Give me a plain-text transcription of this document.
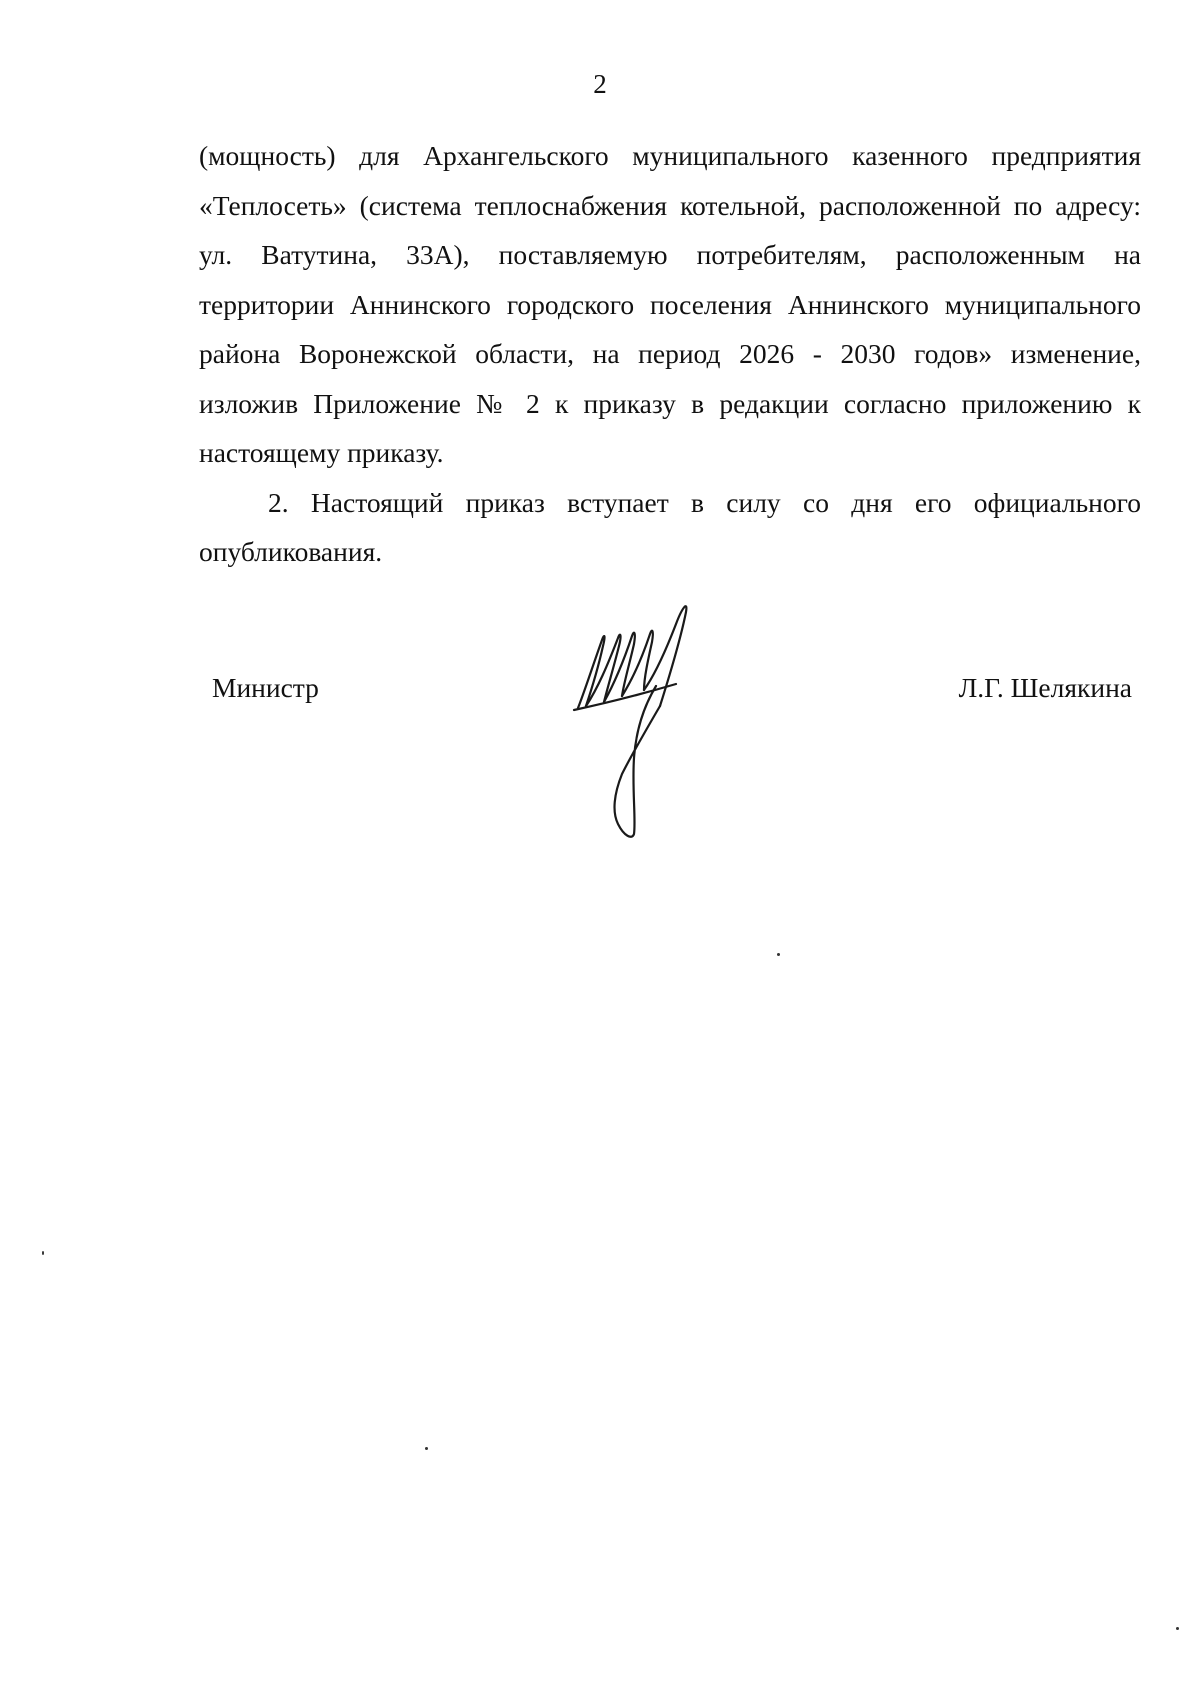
2

(мощность) для Архангельского муниципального казенного предприятия
«Теплосеть» (система теплоснабжения котельной, расположенной по адресу:
ул. Ватутина, 33А), поставляемую потребителям, расположенным на
территории Аннинского городского поселения Аннинского муниципального
района Воронежской области, на период 2026 - 2030 годов» изменение,
изложив Приложение № 2 к приказу в редакции согласно приложению к
настоящему приказу.

2. Настоящий приказ вступает в силу со дня его официального
опубликования.

Министр	Л.Г. Шелякина
